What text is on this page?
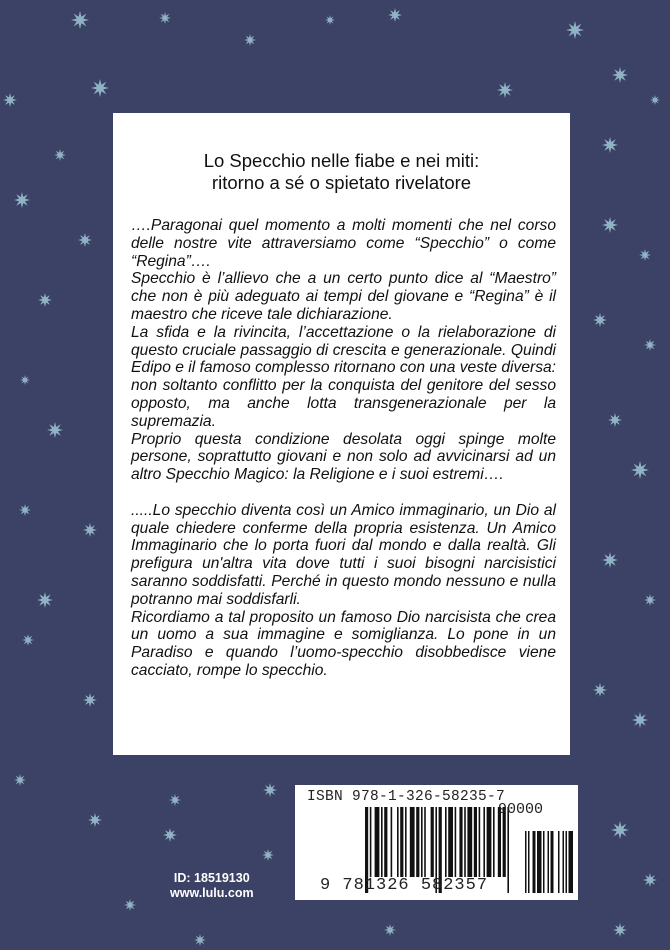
Lo Specchio nelle fiabe e nei miti:
ritorno a sé o spietato rivelatore

….Paragonai quel momento a molti momenti che nel corso delle nostre vite attraversiamo come “Specchio” o come “Regina”….

Specchio è l’allievo che a un certo punto dice al “Maestro” che non è più adeguato ai tempi del giovane e “Regina” è il maestro che riceve tale dichiarazione.

La sfida e la rivincita, l’accettazione o la rielaborazione di questo cruciale passaggio di crescita e generazionale. Quindi Edipo e il famoso complesso ritornano con una veste diversa: non soltanto conflitto per la conquista del genitore del sesso opposto, ma anche lotta transgenerazionale per la supremazia.

Proprio questa condizione desolata oggi spinge molte persone, soprattutto giovani e non solo ad avvicinarsi ad un altro Specchio Magico: la Religione e i suoi estremi….

.....Lo specchio diventa così un Amico immaginario, un Dio al quale chiedere conferme della propria esistenza. Un Amico Immaginario che lo porta fuori dal mondo e dalla realtà. Gli prefigura un'altra vita dove tutti i suoi bisogni narcisistici saranno soddisfatti. Perché in questo mondo nessuno e nulla potranno mai soddisfarli.

Ricordiamo a tal proposito un famoso Dio narcisista che crea un uomo a sua immagine e somiglianza. Lo pone in un Paradiso e quando l’uomo-specchio disobbedisce viene cacciato, rompe lo specchio.

ID: 18519130
www.lulu.com
ISBN 978-1-326-58235-7
90000
9 781326 582357
